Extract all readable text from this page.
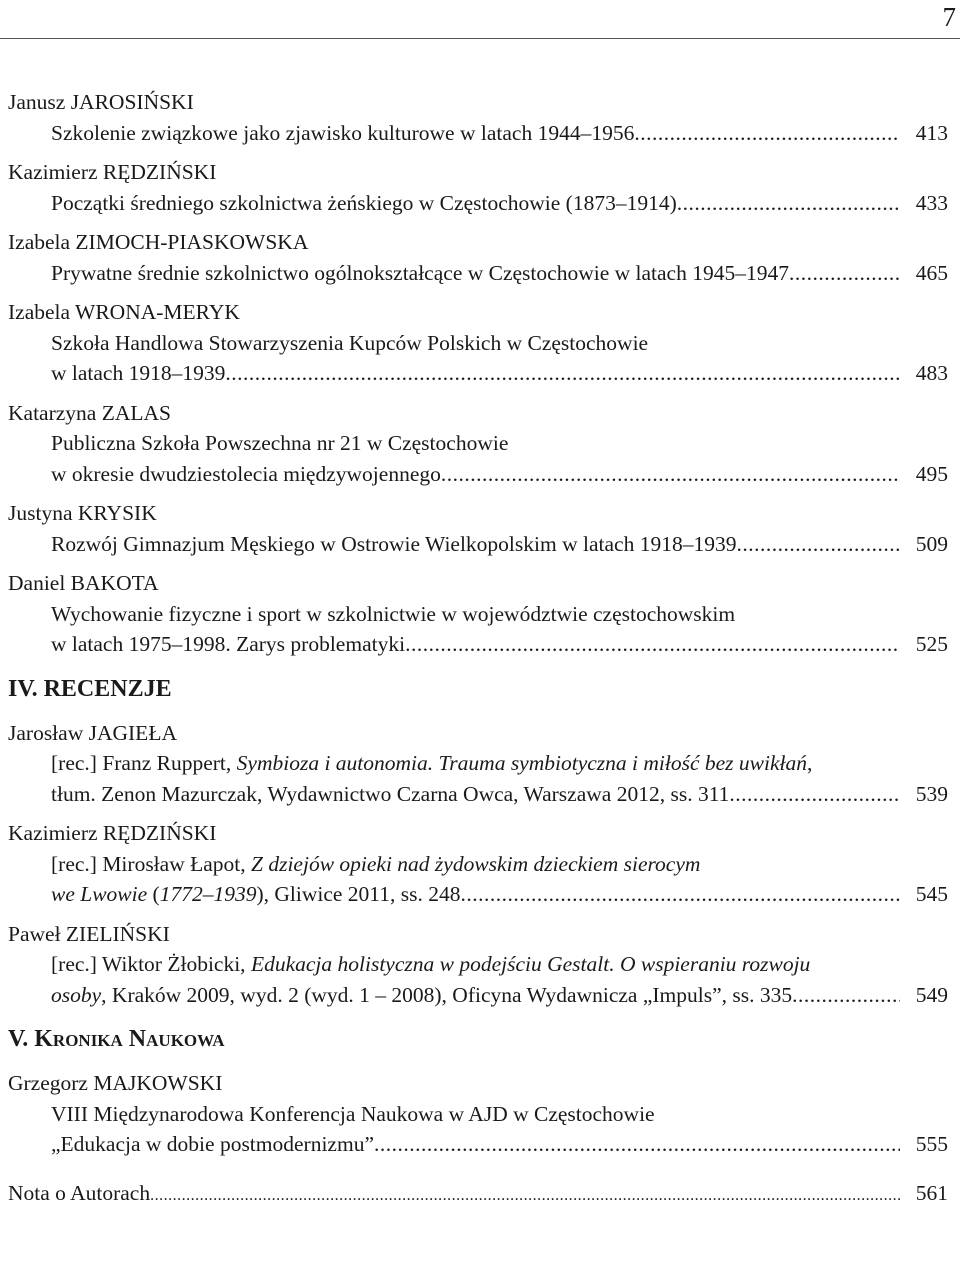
7
Janusz JAROSIŃSKI
Szkolenie związkowe jako zjawisko kulturowe w latach 1944–1956 .....	413
Kazimierz RĘDZIŃSKI
Początki średniego szkolnictwa żeńskiego w Częstochowie (1873–1914) .....	433
Izabela ZIMOCH-PIASKOWSKA
Prywatne średnie szkolnictwo ogólnokształcące w Częstochowie w latach 1945–1947 .....	465
Izabela WRONA-MERYK
Szkoła Handlowa Stowarzyszenia Kupców Polskich w Częstochowie
w latach 1918–1939 .....	483
Katarzyna ZALAS
Publiczna Szkoła Powszechna nr 21 w Częstochowie
w okresie dwudziestolecia międzywojennego .....	495
Justyna KRYSIK
Rozwój Gimnazjum Męskiego w Ostrowie Wielkopolskim w latach 1918–1939 .....	509
Daniel BAKOTA
Wychowanie fizyczne i sport w szkolnictwie w województwie częstochowskim
w latach 1975–1998. Zarys problematyki .....	525
IV. RECENZJE
Jarosław JAGIEŁA
[rec.] Franz Ruppert, Symbioza i autonomia. Trauma symbiotyczna i miłość bez uwikłań,
tłum. Zenon Mazurczak, Wydawnictwo Czarna Owca, Warszawa 2012, ss. 311 .....	539
Kazimierz RĘDZIŃSKI
[rec.] Mirosław Łapot, Z dziejów opieki nad żydowskim dzieckiem sierocym
we Lwowie (1772–1939), Gliwice 2011, ss. 248 .....	545
Paweł ZIELIŃSKI
[rec.] Wiktor Żłobicki, Edukacja holistyczna w podejściu Gestalt. O wspieraniu rozwoju
osoby, Kraków 2009, wyd. 2 (wyd. 1 – 2008), Oficyna Wydawnicza „Impuls”, ss. 335 .....	549
V. Kronika Naukowa
Grzegorz MAJKOWSKI
VIII Międzynarodowa Konferencja Naukowa w AJD w Częstochowie
„Edukacja w dobie postmodernizmu” .....	555
Nota o Autorach .....	561
